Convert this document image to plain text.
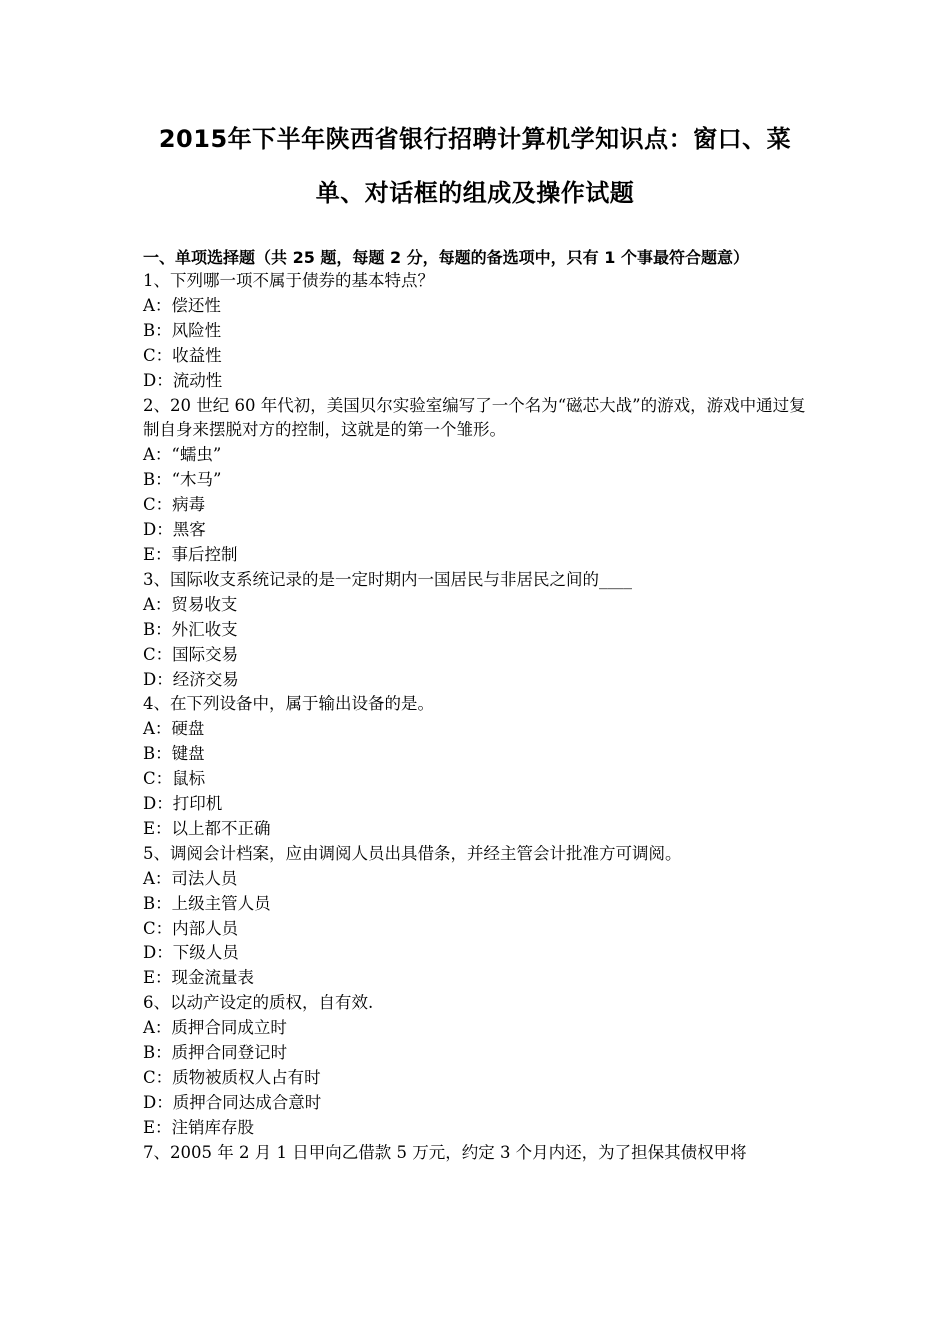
2015年下半年陕西省银行招聘计算机学知识点：窗口、菜单、对话框的组成及操作试题

一、单项选择题（共 25 题，每题 2 分，每题的备选项中，只有 1 个事最符合题意）

1、下列哪一项不属于债券的基本特点？

A：偿还性

B：风险性

C：收益性

D：流动性

2、20 世纪 60 年代初，美国贝尔实验室编写了一个名为“磁芯大战”的游戏，游戏中通过复制自身来摆脱对方的控制，这就是的第一个雏形。

A：“蠕虫”

B：“木马”

C：病毒

D：黑客

E：事后控制

3、国际收支系统记录的是一定时期内一国居民与非居民之间的____

A：贸易收支

B：外汇收支

C：国际交易

D：经济交易

4、在下列设备中，属于输出设备的是。

A：硬盘

B：键盘

C：鼠标

D：打印机

E：以上都不正确

5、调阅会计档案，应由调阅人员出具借条，并经主管会计批准方可调阅。

A：司法人员

B：上级主管人员

C：内部人员

D：下级人员

E：现金流量表

6、以动产设定的质权，自有效.

A：质押合同成立时

B：质押合同登记时

C：质物被质权人占有时

D：质押合同达成合意时

E：注销库存股

7、2005 年 2 月 1 日甲向乙借款 5 万元，约定 3 个月内还，为了担保其债权甲将
